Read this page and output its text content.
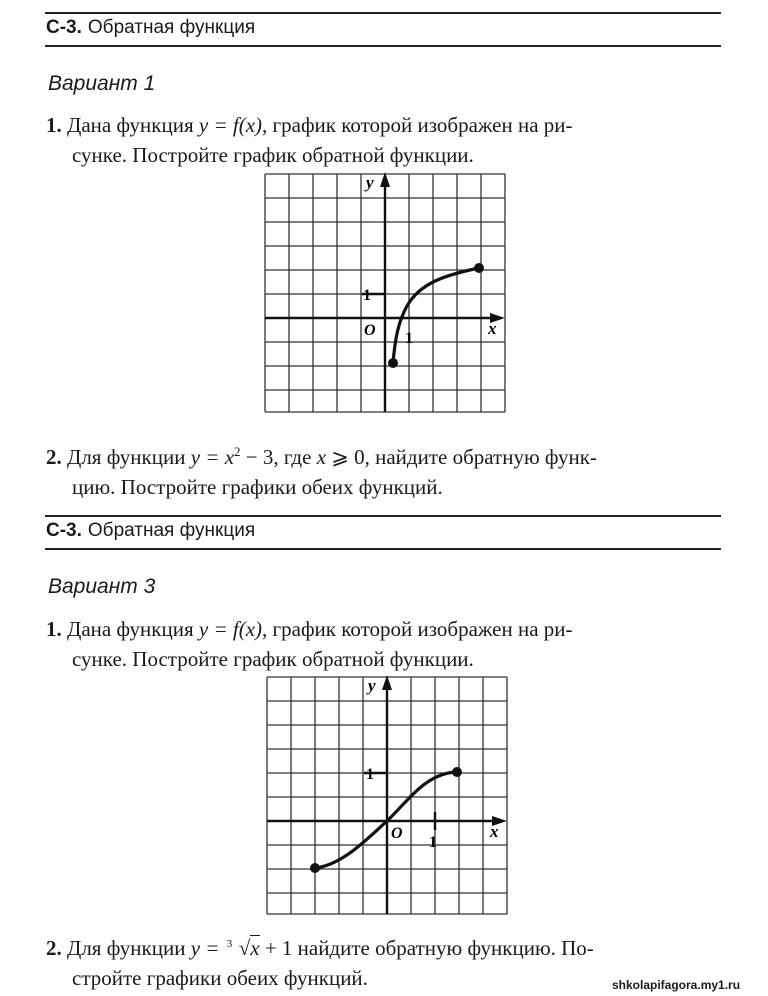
С-3. Обратная функция
Вариант 1
1. Дана функция y = f(x), график которой изображен на ри-
сунке. Постройте график обратной функции.
y
x
O 1
1
2. Для функции $y = x^2 - 3$, где x ⩾ 0, найдите обратную функ-
цию. Постройте графики обеих функций.
С-3. Обратная функция
Вариант 3
1. Дана функция y = f(x), график которой изображен на ри-
сунке. Постройте график обратной функции.
y
x
O
1
1
2. Для функции y = 3 √x + 1 найдите обратную функцию. По-
стройте графики обеих функций.	shkolapifagora.my1.ru
